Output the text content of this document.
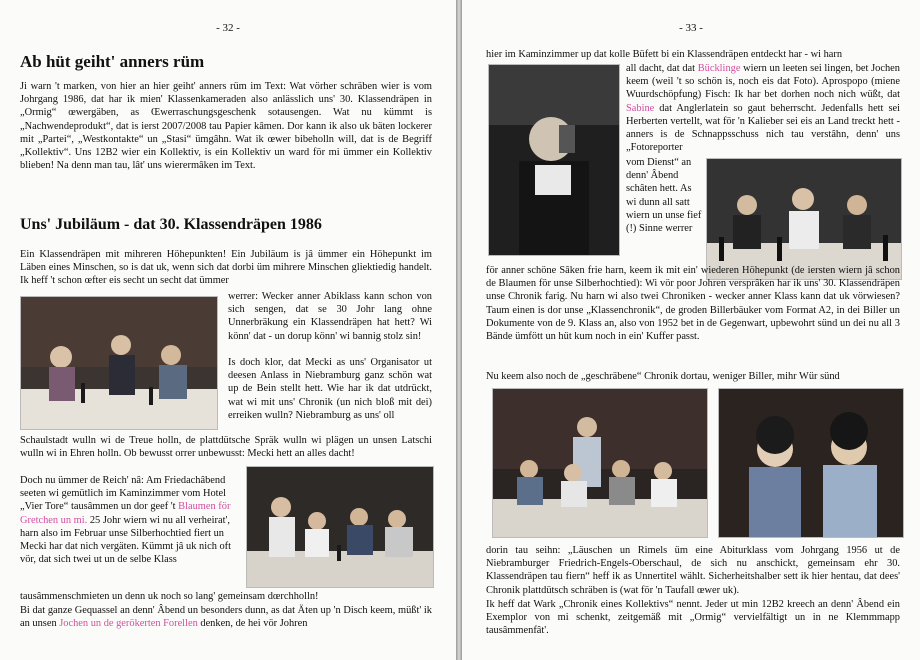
- 32 -
Ab hüt geiht' anners rüm

Ji warn 't marken, von hier an hier geiht' anners rüm im Text: Wat vörher schräben wier is vom Johrgang 1986, dat har ik mien' Klassenkameraden also anlässlich uns' 30. Klassendräpen in „Ormig“ œwergäben, as Œwerraschungsgeschenk sotausengen. Wat nu kümmt is „Nachwendeprodukt“, dat is ierst 2007/2008 tau Papier kâmen. Dor kann ik also uk bäten lockerer mit „Partei“, „Westkontakte“ un „Stasi“ ümgâhn. Wat ik œwer bibeholln will, dat is de Begriff „Kollektiv“. Uns 12B2 wier ein Kollektiv, is ein Kollektiv un ward för mi ümmer ein Kollektiv blieben! Na denn man tau, lât' uns wierermâken im Text.

Uns' Jubiläum - dat 30. Klassendräpen 1986

Ein Klassendräpen mit mihreren Höhepunkten! Ein Jubiläum is jâ ümmer ein Höhepunkt im Läben eines Minschen, so is dat uk, wenn sich dat dorbi üm mihrere Minschen gliektiedig handelt. Ik heff 't schon œfter eis secht un secht dat ümmer

werrer: Wecker anner Abiklass kann schon von sich sengen, dat se 30 Johr lang ohne Unnerbräkung ein Klassendräpen hat hett? Wi könn' dat - un dorup könn' wi bannig stolz sin!

Is doch klor, dat Mecki as uns' Organisator ut deesen Anlass in Niebramburg ganz schön wat up de Bein stellt hett. Wie har ik dat utdrückt, wat wi mit uns' Chronik (un nich bloß mit dei) erreiken wulln? Niebramburg as uns' oll

Schaulstadt wulln wi de Treue holln, de plattdütsche Spräk wulln wi plägen un unsen Latschi wulln wi in Ehren holln. Ob bewusst orrer unbewusst: Mecki hett an alles dacht!

Doch nu ümmer de Reich' nâ: Am Friedachâbend seeten wi gemütlich im Kaminzimmer vom Hotel „Vier Tore“ tausâmmen un dor geef 't Blaumen för Gretchen un mi. 25 Johr wiern wi nu all verheirat', harn also im Februar unse Silberhochtied fiert un Mecki har dat nich vergäten. Kümmt jâ uk nich oft vör, dat sich twei ut un de selbe Klass

tausâmmenschmieten un denn uk noch so lang' gemeinsam dœrchholln!

Bi dat ganze Gequassel an denn' Âbend un besonders dunn, as dat Äten up 'n Disch keem, müßt' ik an unsen Jochen un de gerökerten Forellen denken, de hei vör Johren

- 33 -

hier im Kaminzimmer up dat kolle Büfett bi ein Klassendräpen entdeckt har - wi harn

all dacht, dat dat Bücklinge wiern un leeten sei lingen, bet Jochen keem (weil 't so schön is, noch eis dat Foto). Aprospopo (miene Wuurdschöpfung) Fisch: Ik har bet dorhen noch nich wüßt, dat Sabine dat Anglerlatein so gaut beherrscht. Jedenfalls hett sei Herberten vertellt, wat för 'n Kalieber sei eis an Land treckt hett - anners is de Schnappsschuss nich tau verstâhn, denn' uns „Fotoreporter

vom Dienst“ an denn' Âbend schâten hett. As wi dunn all satt wiern un unse fief (!) Sinne werrer

för anner schöne Sâken frie harn, keem ik mit ein' wiederen Höhepunkt (de iersten wiern jâ schon de Blaumen för unse Silberhochtied): Wi vör poor Johren versprâken har ik uns' 30. Klassendräpen unse Chronik farig. Nu harn wi also twei Chroniken - wecker anner Klass kann dat uk vörwiesen? Taum einen is dor unse „Klassenchronik“, de groden Billerbäuker vom Format A2, in dei Biller un Dokumente von de 9. Klass an, also von 1952 bet in de Gegenwart, upbewohrt sünd un dei nu all 3 Bände ümfött un hüt kum noch in ein' Kuffer passt.

Nu keem also noch de „geschräbene“ Chronik dortau, weniger Biller, mihr Wür sünd

dorin tau seihn: „Läuschen un Rimels üm eine Abiturklass vom Johrgang 1956 ut de Niebramburger Friedrich-Engels-Oberschaul, de sich nu anschickt, gemeinsam ehr 30. Klassendräpen tau fiern“ heff ik as Unnertitel wählt. Sicherheitshalber sett ik hier hentau, dat dees' Chronik plattdütsch schräben is (wat för 'n Taufall œwer uk).

Ik heff dat Wark „Chronik eines Kollektivs“ nennt. Jeder ut min 12B2 kreech an denn' Âbend ein Exemplor von mi schenkt, zeitgemäß mit „Ormig“ vervielfältigt un in ne Klemmmapp tausâmmenfât'.
